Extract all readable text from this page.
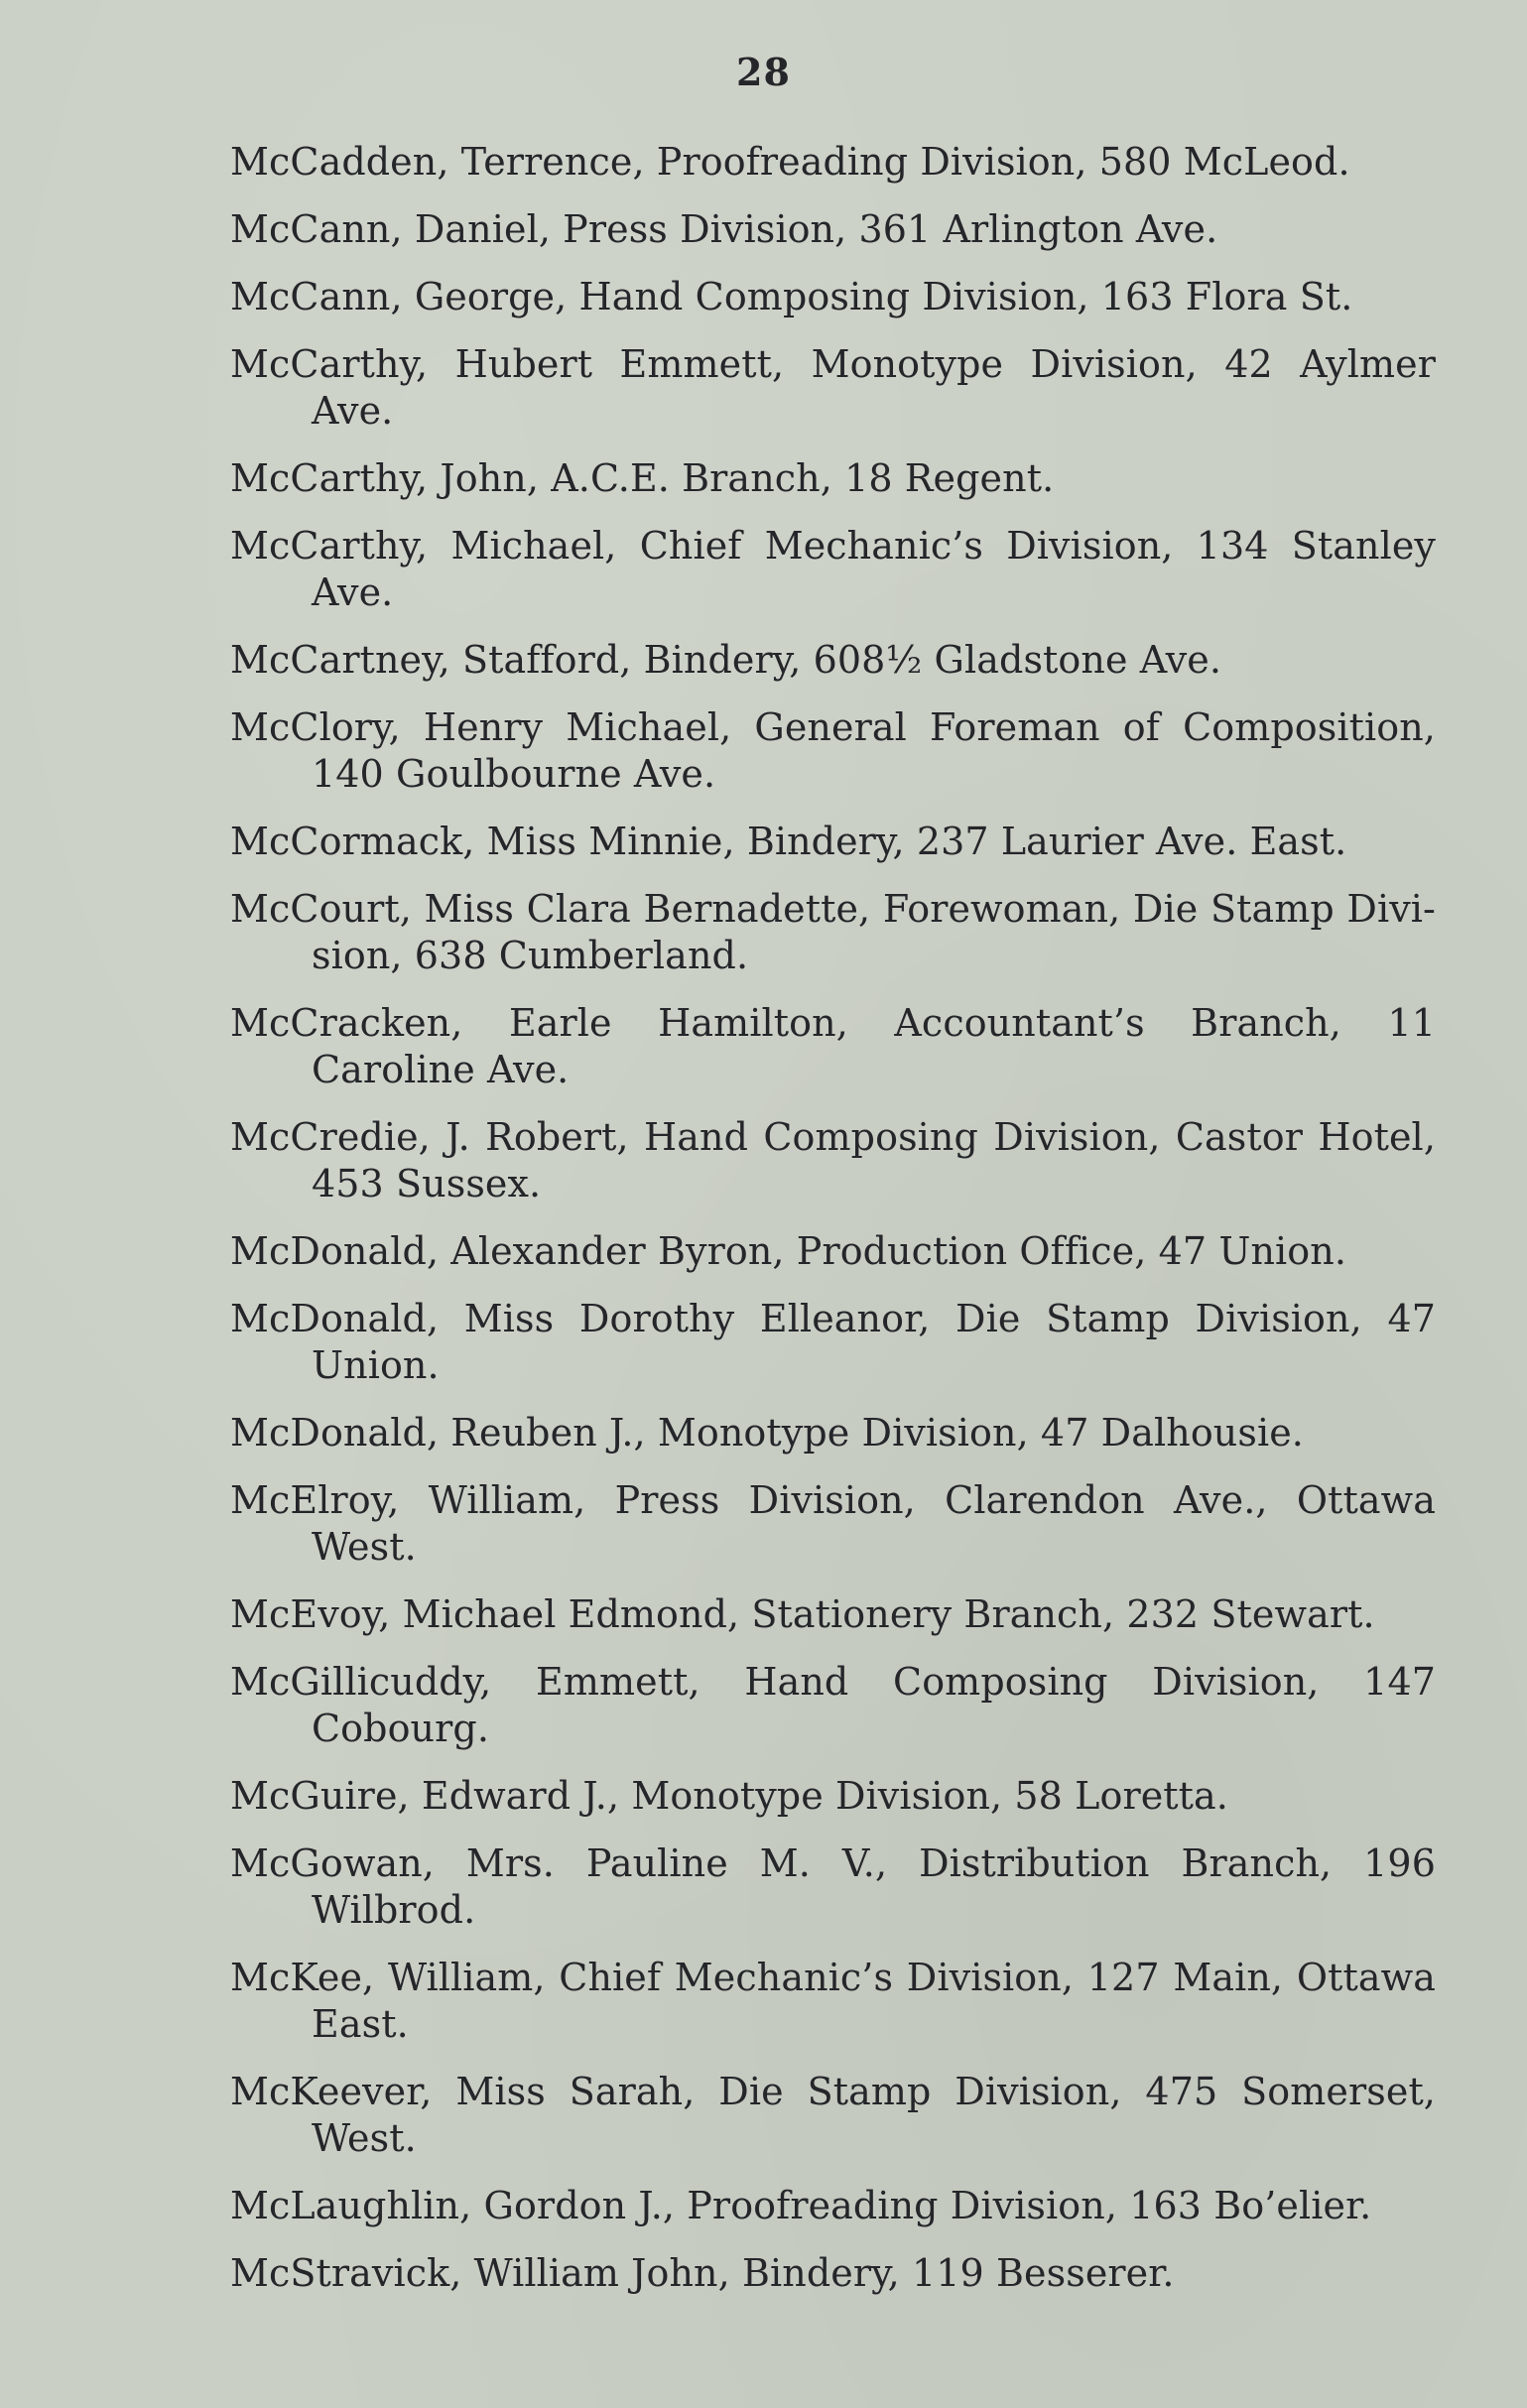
28
McCadden, Terrence, Proofreading Division, 580 McLeod.
McCann, Daniel, Press Division, 361 Arlington Ave.
McCann, George, Hand Composing Division, 163 Flora St.
McCarthy, Hubert Emmett, Monotype Division, 42 Aylmer Ave.
McCarthy, John, A.C.E. Branch, 18 Regent.
McCarthy, Michael, Chief Mechanic’s Division, 134 Stanley Ave.
McCartney, Stafford, Bindery, 608½ Gladstone Ave.
McClory, Henry Michael, General Foreman of Composition, 140 Goulbourne Ave.
McCormack, Miss Minnie, Bindery, 237 Laurier Ave. East.
McCourt, Miss Clara Bernadette, Forewoman, Die Stamp Divi-sion, 638 Cumberland.
McCracken, Earle Hamilton, Accountant’s Branch, 11 Caroline Ave.
McCredie, J. Robert, Hand Composing Division, Castor Hotel, 453 Sussex.
McDonald, Alexander Byron, Production Office, 47 Union.
McDonald, Miss Dorothy Elleanor, Die Stamp Division, 47 Union.
McDonald, Reuben J., Monotype Division, 47 Dalhousie.
McElroy, William, Press Division, Clarendon Ave., Ottawa West.
McEvoy, Michael Edmond, Stationery Branch, 232 Stewart.
McGillicuddy, Emmett, Hand Composing Division, 147 Cobourg.
McGuire, Edward J., Monotype Division, 58 Loretta.
McGowan, Mrs. Pauline M. V., Distribution Branch, 196 Wilbrod.
McKee, William, Chief Mechanic’s Division, 127 Main, Ottawa East.
McKeever, Miss Sarah, Die Stamp Division, 475 Somerset, West.
McLaughlin, Gordon J., Proofreading Division, 163 Bo’elier.
McStravick, William John, Bindery, 119 Besserer.
